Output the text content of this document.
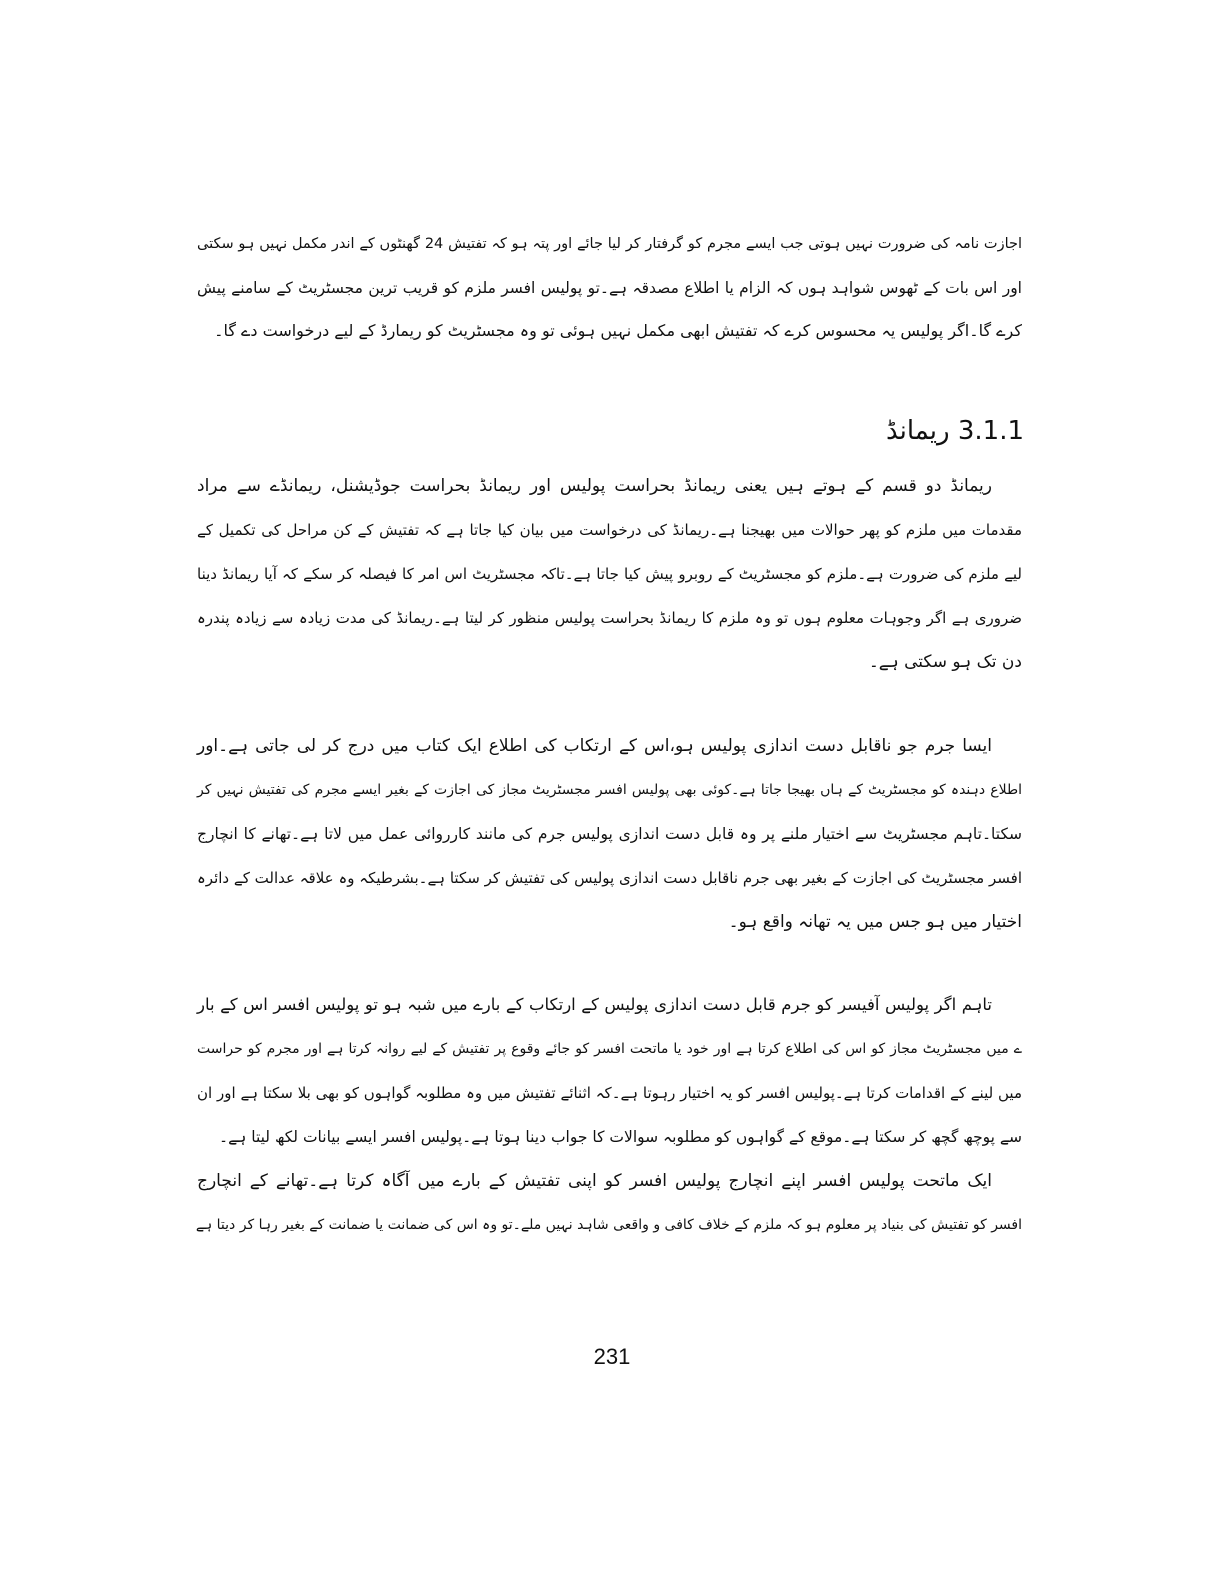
اجازت نامہ کی ضرورت نہیں ہوتی جب ایسے مجرم کو گرفتار کر لیا جائے اور پتہ ہو کہ تفتیش 24 گھنٹوں کے اندر مکمل نہیں ہو سکتی
اور اس بات کے ٹھوس شواہد ہوں کہ الزام یا اطلاع مصدقہ ہے۔تو پولیس افسر ملزم کو قریب ترین مجسٹریٹ کے سامنے پیش
کرے گا۔اگر پولیس یہ محسوس کرے کہ تفتیش ابھی مکمل نہیں ہوئی تو وہ مجسٹریٹ کو ریمارڈ کے لیے درخواست دے گا۔
ریمانڈ دو قسم کے ہوتے ہیں یعنی ریمانڈ بحراست پولیس اور ریمانڈ بحراست جوڈیشنل، ریمانڈے سے مراد
مقدمات میں ملزم کو پھر حوالات میں بھیجنا ہے۔ریمانڈ کی درخواست میں بیان کیا جاتا ہے کہ تفتیش کے کن مراحل کی تکمیل کے
لیے ملزم کی ضرورت ہے۔ملزم کو مجسٹریٹ کے روبرو پیش کیا جاتا ہے۔تاکہ مجسٹریٹ اس امر کا فیصلہ کر سکے کہ آیا ریمانڈ دینا
ضروری ہے اگر وجوہات معلوم ہوں تو وہ ملزم کا ریمانڈ بحراست پولیس منظور کر لیتا ہے۔ریمانڈ کی مدت زیادہ سے زیادہ پندرہ
دن تک ہو سکتی ہے۔
ایسا جرم جو ناقابل دست اندازی پولیس ہو،اس کے ارتکاب کی اطلاع ایک کتاب میں درج کر لی جاتی ہے۔اور
اطلاع دہندہ کو مجسٹریٹ کے ہاں بھیجا جاتا ہے۔کوئی بھی پولیس افسر مجسٹریٹ مجاز کی اجازت کے بغیر ایسے مجرم کی تفتیش نہیں کر
سکتا۔تاہم مجسٹریٹ سے اختیار ملنے پر وہ قابل دست اندازی پولیس جرم کی مانند کارروائی عمل میں لاتا ہے۔تھانے کا انچارج
افسر مجسٹریٹ کی اجازت کے بغیر بھی جرم ناقابل دست اندازی پولیس کی تفتیش کر سکتا ہے۔بشرطیکہ وہ علاقہ عدالت کے دائرہ
اختیار میں ہو جس میں یہ تھانہ واقع ہو۔
تاہم اگر پولیس آفیسر کو جرم قابل دست اندازی پولیس کے ارتکاب کے بارے میں شبہ ہو تو پولیس افسر اس کے بار
ے میں مجسٹریٹ مجاز کو اس کی اطلاع کرتا ہے اور خود یا ماتحت افسر کو جائے وقوع پر تفتیش کے لیے روانہ کرتا ہے اور مجرم کو حراست
میں لینے کے اقدامات کرتا ہے۔پولیس افسر کو یہ اختیار رہوتا ہے۔کہ اثنائے تفتیش میں وہ مطلوبہ گواہوں کو بھی بلا سکتا ہے اور ان
سے پوچھ گچھ کر سکتا ہے۔موقع کے گواہوں کو مطلوبہ سوالات کا جواب دینا ہوتا ہے۔پولیس افسر ایسے بیانات لکھ لیتا ہے۔
ایک ماتحت پولیس افسر اپنے انچارج پولیس افسر کو اپنی تفتیش کے بارے میں آگاہ کرتا ہے۔تھانے کے انچارج
افسر کو تفتیش کی بنیاد پر معلوم ہو کہ ملزم کے خلاف کافی و واقعی شاہد نہیں ملے۔تو وہ اس کی ضمانت یا ضمانت کے بغیر رہا کر دیتا ہے
3.1.1 ریمانڈ
231
